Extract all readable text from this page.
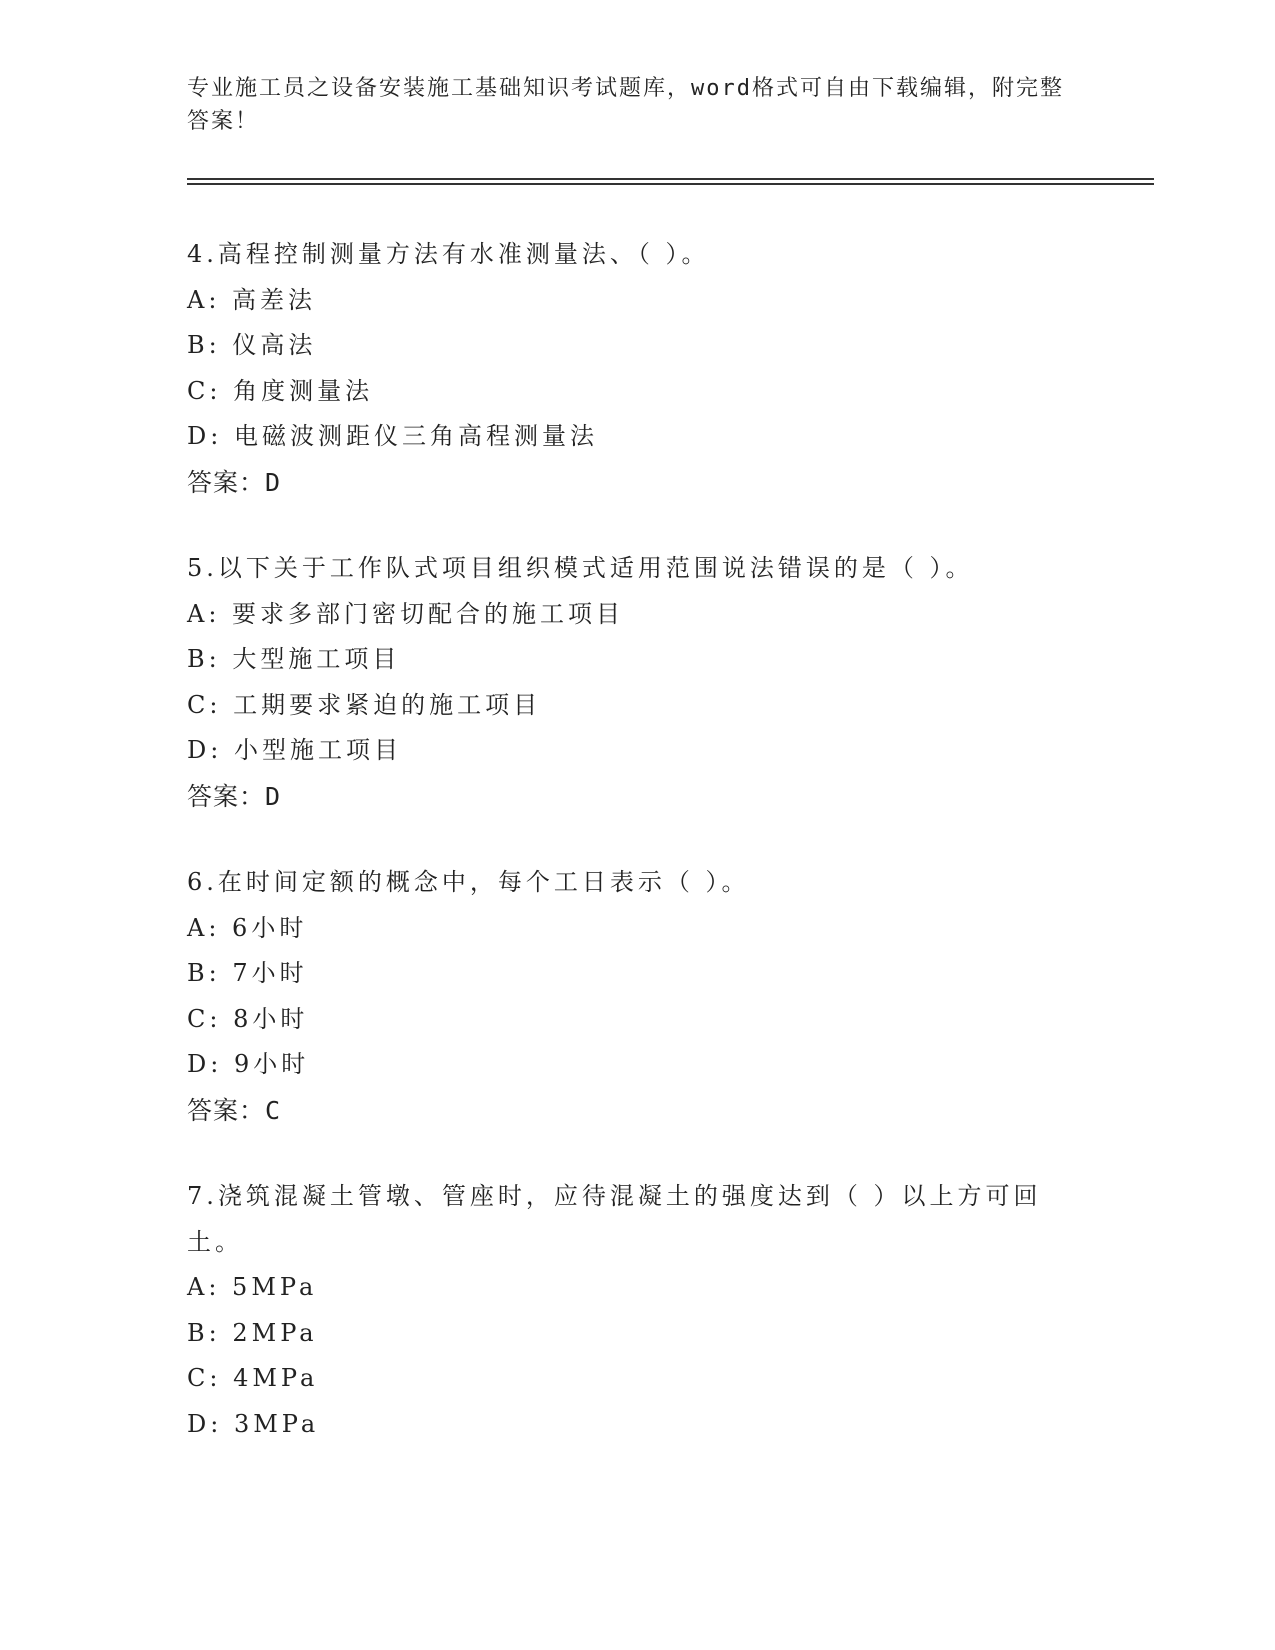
专业施工员之设备安装施工基础知识考试题库，word格式可自由下载编辑，附完整答案！
4.高程控制测量方法有水准测量法、（ ）。
A: 高差法
B: 仪高法
C: 角度测量法
D: 电磁波测距仪三角高程测量法
答案：D
5.以下关于工作队式项目组织模式适用范围说法错误的是（ ）。
A: 要求多部门密切配合的施工项目
B: 大型施工项目
C: 工期要求紧迫的施工项目
D: 小型施工项目
答案：D
6.在时间定额的概念中，每个工日表示（ ）。
A: 6小时
B: 7小时
C: 8小时
D: 9小时
答案：C
7.浇筑混凝土管墩、管座时，应待混凝土的强度达到（ ）以上方可回土。
A: 5MPa
B: 2MPa
C: 4MPa
D: 3MPa
